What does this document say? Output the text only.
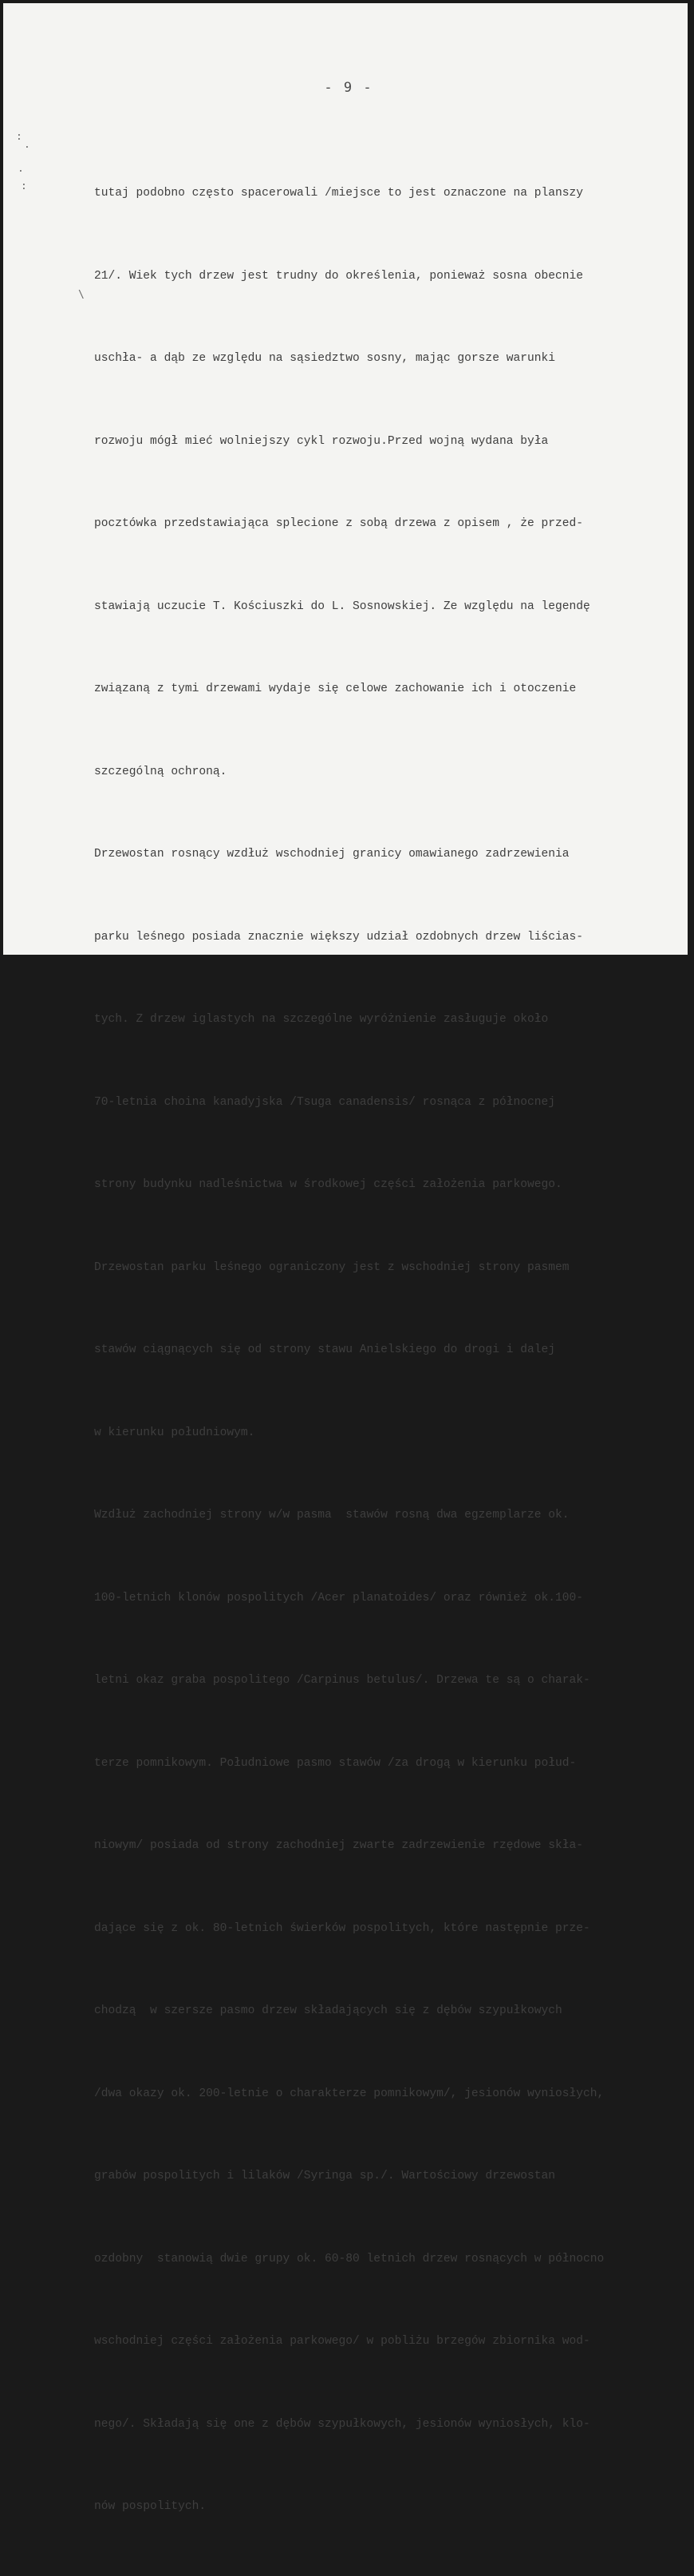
- 9 -
:
.
.
:
\

tutaj podobno często spacerowali /miejsce to jest oznaczone na planszy

21/. Wiek tych drzew jest trudny do określenia, ponieważ sosna obecnie

uschła- a dąb ze względu na sąsiedztwo sosny, mając gorsze warunki

rozwoju mógł mieć wolniejszy cykl rozwoju.Przed wojną wydana była

pocztówka przedstawiająca splecione z sobą drzewa z opisem , że przed-

stawiają uczucie T. Kościuszki do L. Sosnowskiej. Ze względu na legendę

związaną z tymi drzewami wydaje się celowe zachowanie ich i otoczenie

szczególną ochroną.

Drzewostan rosnący wzdłuż wschodniej granicy omawianego zadrzewienia

parku leśnego posiada znacznie większy udział ozdobnych drzew liścias-

tych. Z drzew iglastych na szczególne wyróżnienie zasługuje około

70-letnia choina kanadyjska /Tsuga canadensis/ rosnąca z północnej

strony budynku nadleśnictwa w środkowej części założenia parkowego.

Drzewostan parku leśnego ograniczony jest z wschodniej strony pasmem

stawów ciągnących się od strony stawu Anielskiego do drogi i dalej

w kierunku południowym.

Wzdłuż zachodniej strony w/w pasma  stawów rosną dwa egzemplarze ok.

100-letnich klonów pospolitych /Acer planatoides/ oraz również ok.100-

letni okaz graba pospolitego /Carpinus betulus/. Drzewa te są o charak-

terze pomnikowym. Południowe pasmo stawów /za drogą w kierunku połud-

niowym/ posiada od strony zachodniej zwarte zadrzewienie rzędowe skła-

dające się z ok. 80-letnich świerków pospolitych, które następnie prze-

chodzą  w szersze pasmo drzew składających się z dębów szypułkowych

/dwa okazy ok. 200-letnie o charakterze pomnikowym/, jesionów wyniosłych,

grabów pospolitych i lilaków /Syringa sp./. Wartościowy drzewostan

ozdobny  stanowią dwie grupy ok. 60-80 letnich drzew rosnących w północno

wschodniej części założenia parkowego/ w pobliżu brzegów zbiornika wod-

nego/. Składają się one z dębów szypułkowych, jesionów wyniosłych, klo-

nów pospolitych.
